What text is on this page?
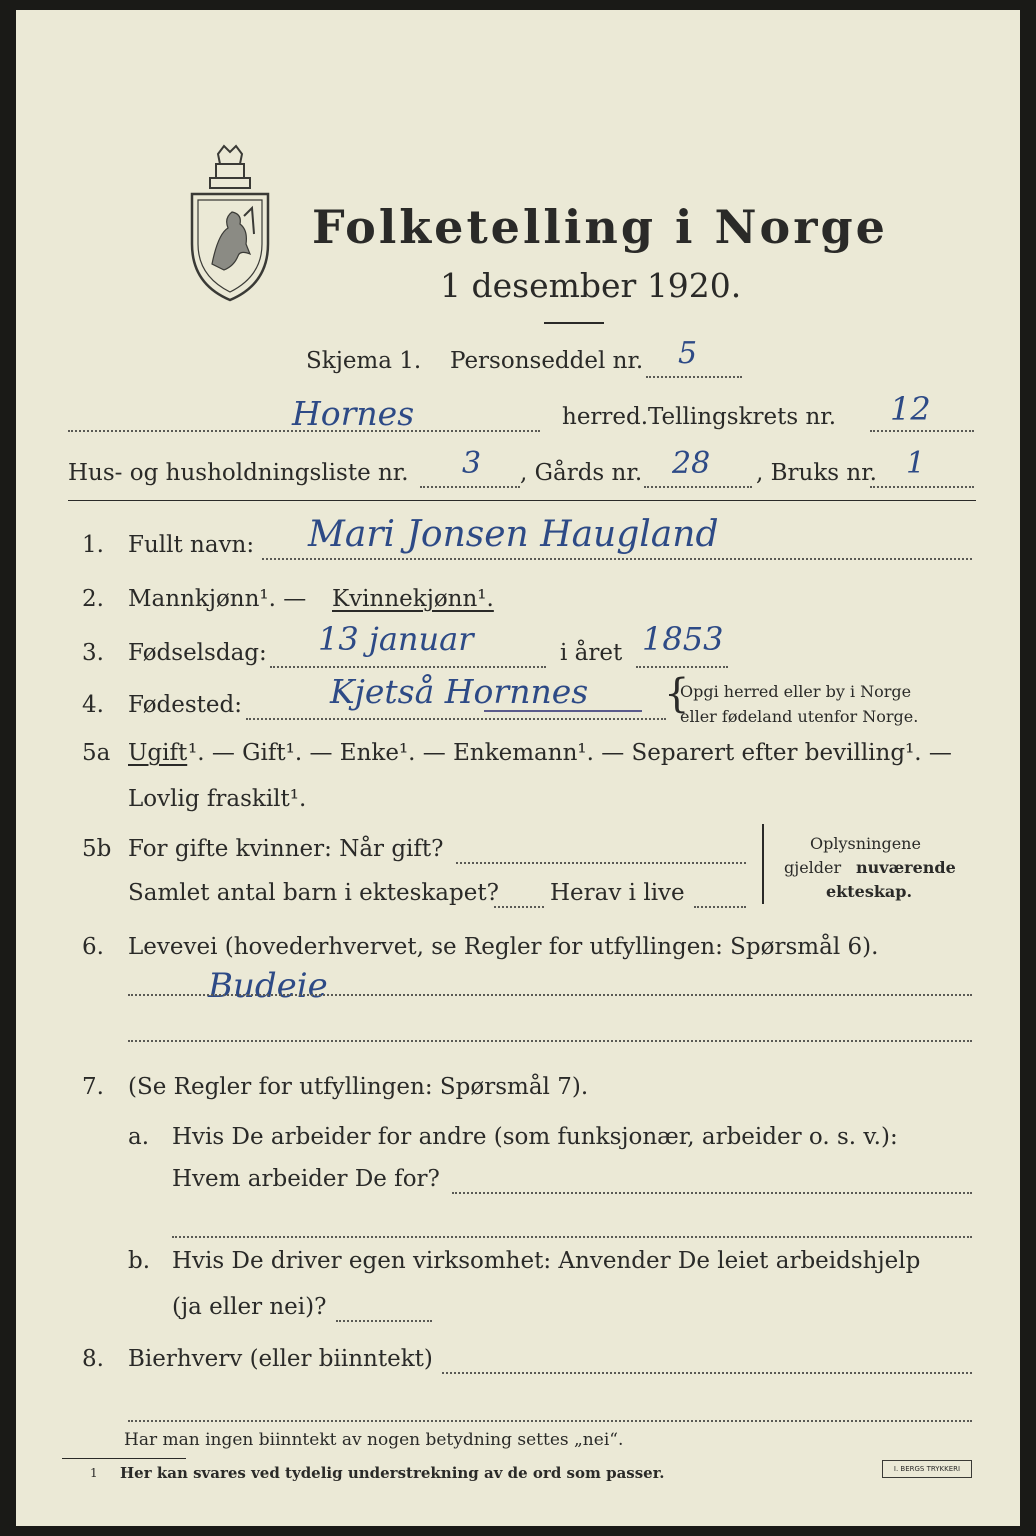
Folketelling i Norge
1 desember 1920.
Skjema 1. Personseddel nr. 5
Hornes	herred. Tellingskrets nr. 12
Hus- og husholdningsliste nr. 3 , Gårds nr. 28 , Bruks nr. 1
1. Fullt navn: Mari Jonsen Haugland
2. Mannkjønn¹. — Kvinnekjønn¹.
3. Fødselsdag: 13 januar	i året 1853
4. Fødested:	Kjetså Hornnes {
Opgi herred eller by i Norge
eller fødeland utenfor Norge.
5a Ugift ¹. — Gift¹. — Enke¹. — Enkemann¹. — Separert efter bevilling¹. —
Lovlig fraskilt¹.
5b For gifte kvinner: Når gift?
Samlet antal barn i ekteskapet? Herav i live
Oplysningene
gjelder nuværende
ekteskap.
6. Levevei (hovederhvervet, se Regler for utfyllingen: Spørsmål 6).
Budeie
7. (Se Regler for utfyllingen: Spørsmål 7).
a. Hvis De arbeider for andre (som funksjonær, arbeider o. s. v.):
Hvem arbeider De for?
b. Hvis De driver egen virksomhet: Anvender De leiet arbeidshjelp
(ja eller nei)?
8. Bierhverv (eller biinntekt)
Har man ingen biinntekt av nogen betydning settes „nei“.
1 Her kan svares ved tydelig understrekning av de ord som passer.	I. BERGS TRYKKERI
